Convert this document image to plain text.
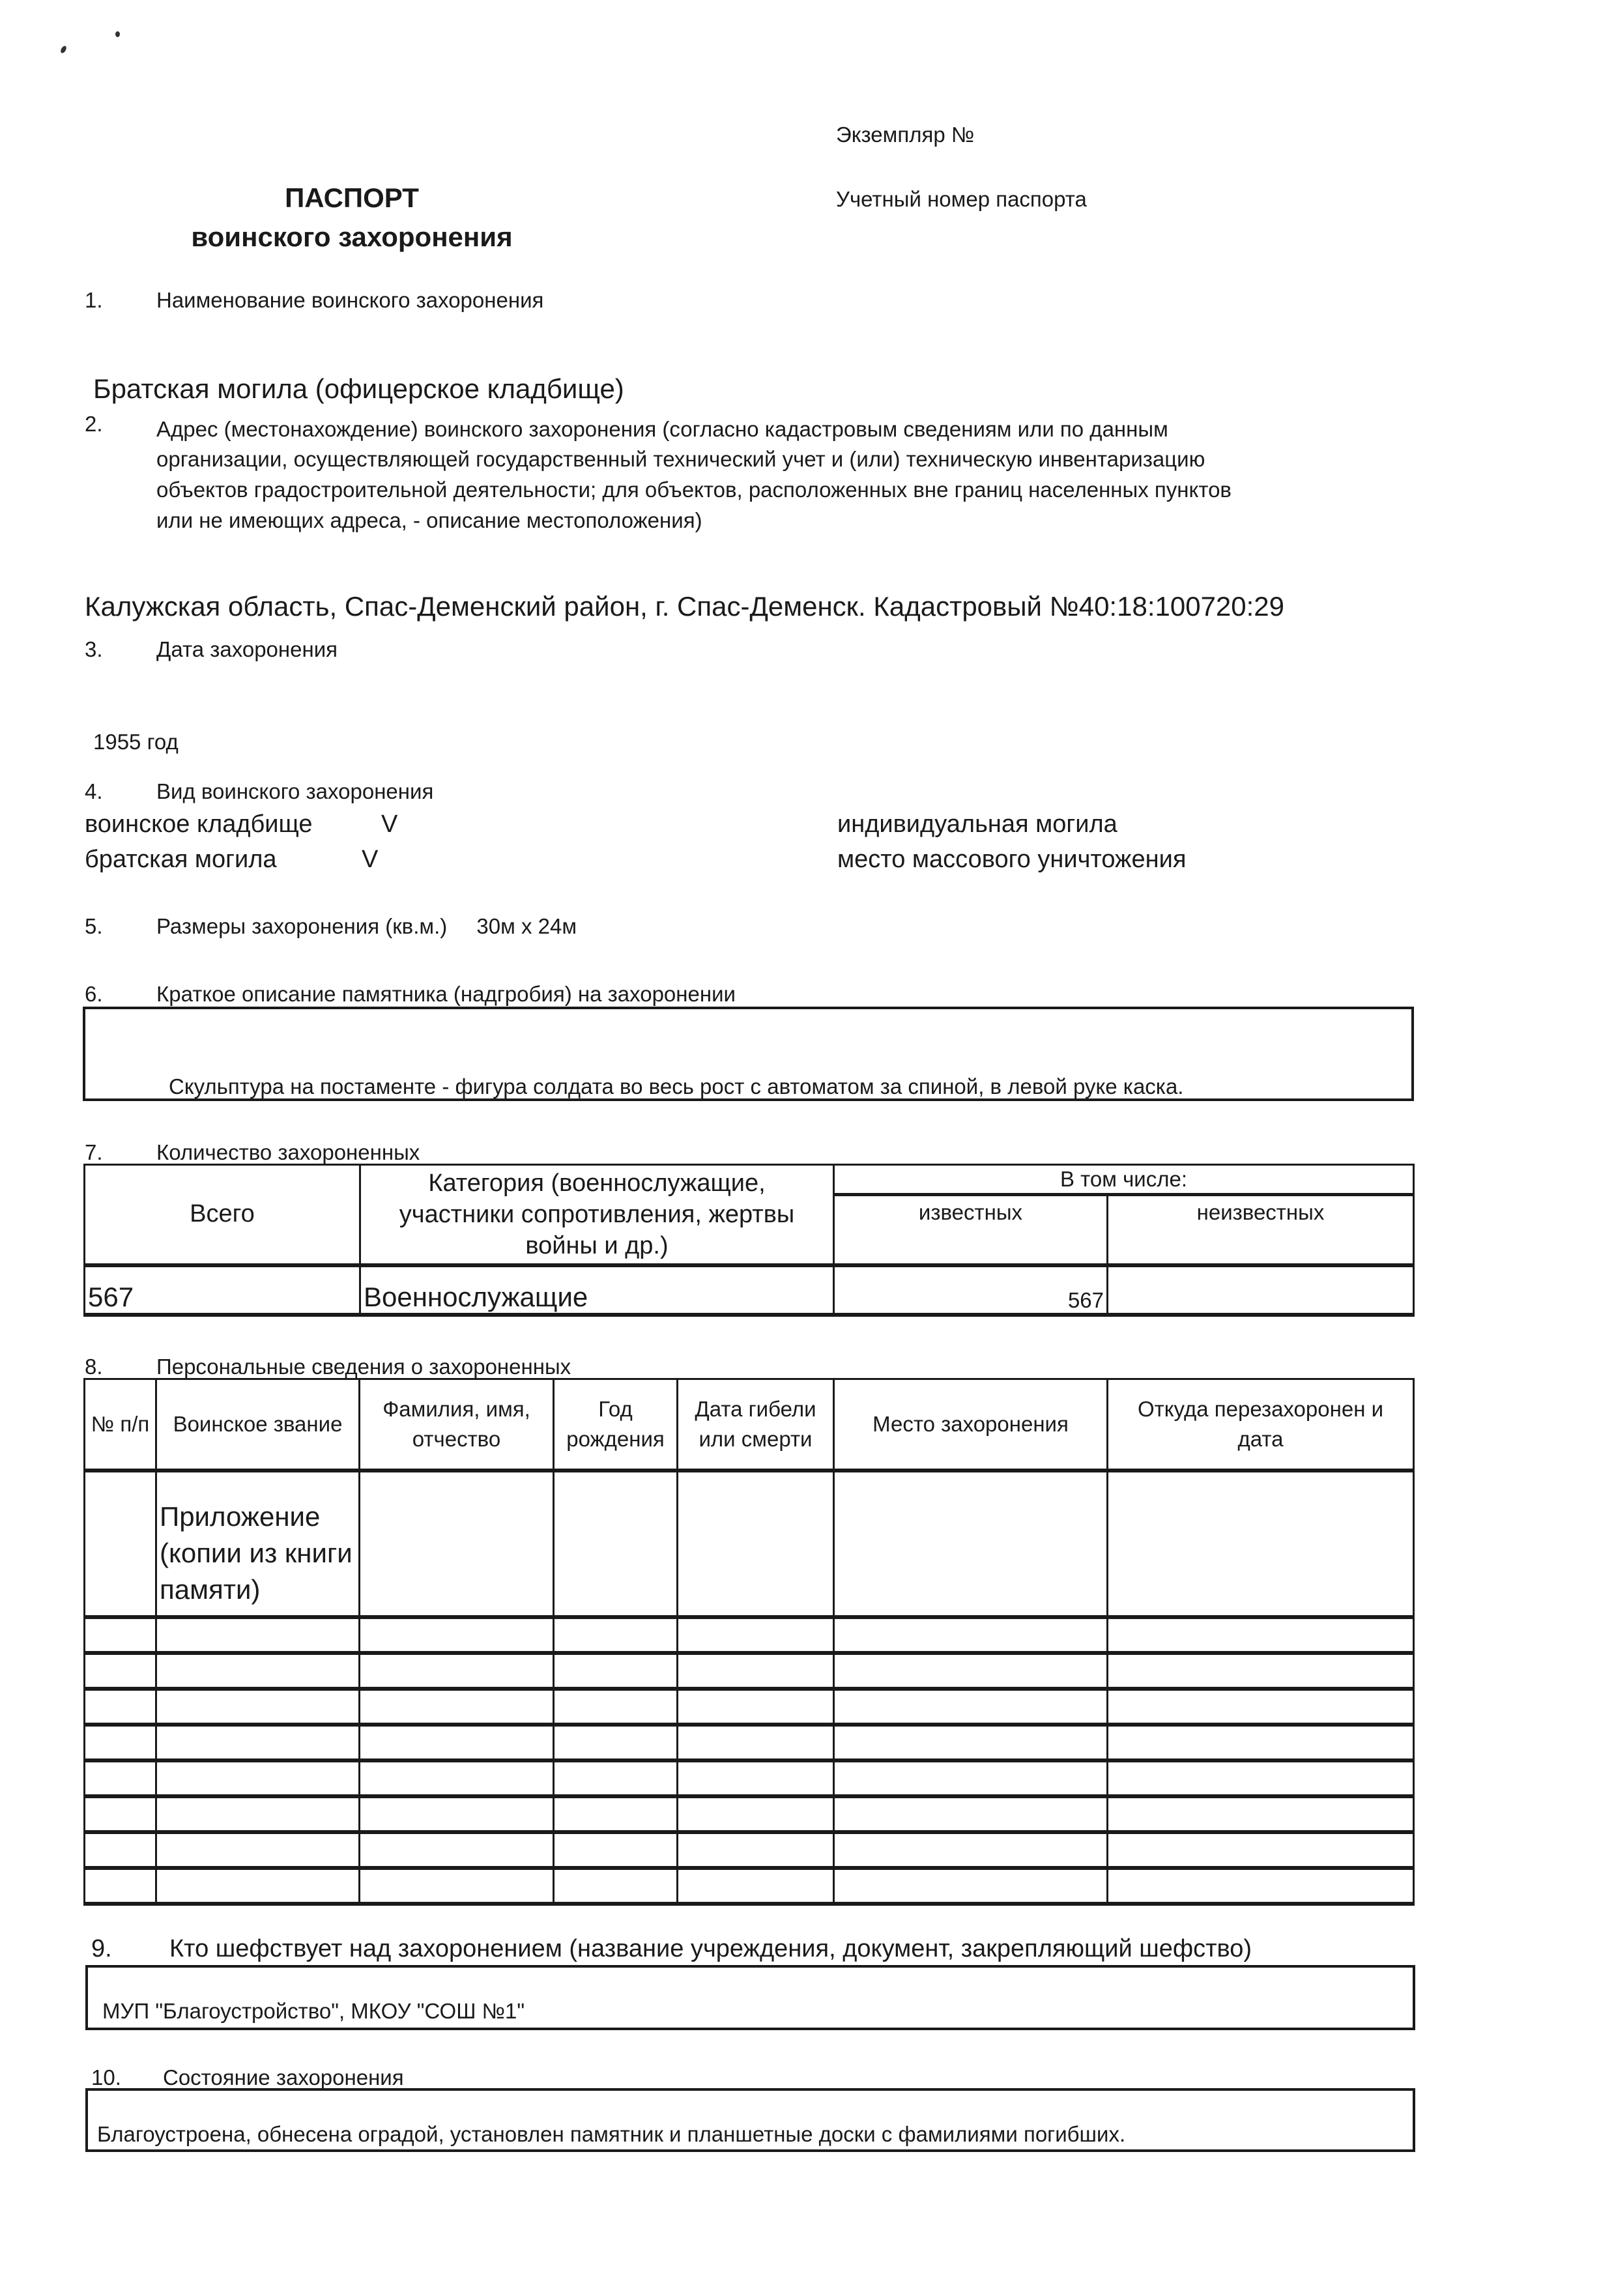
Экземпляр №
Учетный номер паспорта
ПАСПОРТ
воинского захоронения
1. Наименование воинского захоронения
Братская могила (офицерское кладбище)
2. Адрес (местонахождение) воинского захоронения (согласно кадастровым сведениям или по данным
организации, осуществляющей государственный технический учет и (или) техническую инвентаризацию
объектов градостроительной деятельности; для объектов, расположенных вне границ населенных пунктов
или не имеющих адреса, - описание местоположения)
Калужская область, Спас-Деменский район, г. Спас-Деменск. Кадастровый №40:18:100720:29
3. Дата захоронения
1955 год
4. Вид воинского захоронения
воинское кладбище	V
братская могила	V
индивидуальная могила
место массового уничтожения
5. Размеры захоронения (кв.м.) 30м х 24м
6. Краткое описание памятника (надгробия) на захоронении
Скульптура на постаменте - фигура солдата во весь рост с автоматом за спиной, в левой руке каска.
7. Количество захороненных
Всего	Категория (военнослужащие, участники сопротивления, жертвы войны и др.)	В том числе:	
		известных	неизвестных
567	Военнослужащие	567	
8. Персональные сведения о захороненных
№ п/п	Воинское звание	Фамилия, имя, отчество	Год рождения	Дата гибели или смерти	Место захоронения	Откуда перезахоронен и дата
	Приложение (копии из книги памяти)					

9. Кто шефствует над захоронением (название учреждения, документ, закрепляющий шефство)
МУП "Благоустройство", МКОУ "СОШ №1"
10. Состояние захоронения
Благоустроена, обнесена оградой, установлен памятник и планшетные доски с фамилиями погибших.
